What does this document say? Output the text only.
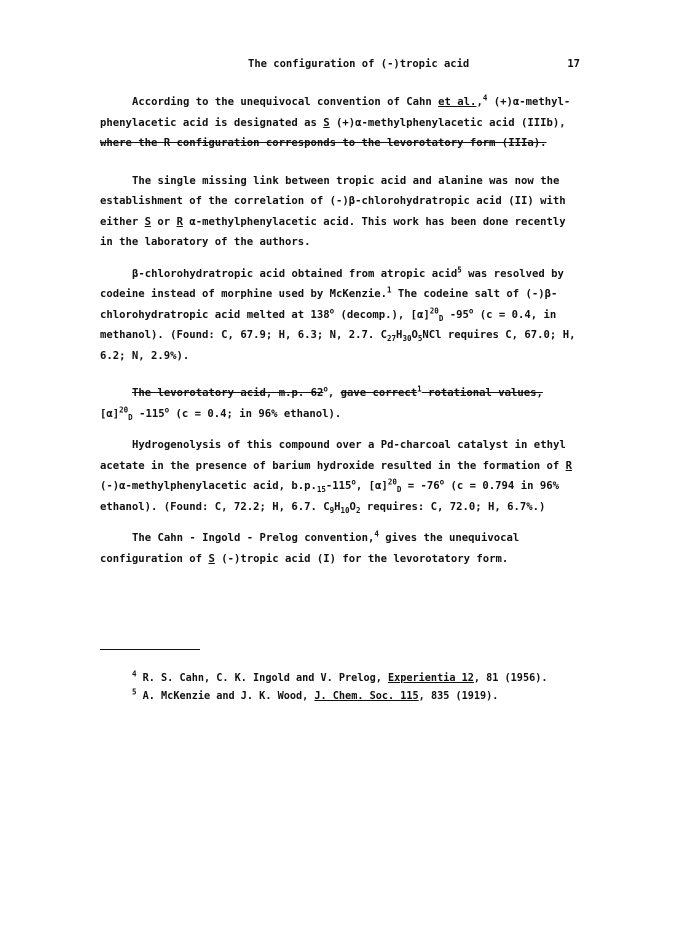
The configuration of (-)tropic acid	17

According to the unequivocal convention of Cahn et al.,$^4$ (+)α-methyl-phenylacetic acid is designated as S (+)α-methylphenylacetic acid (IIIb), where the R configuration corresponds to the levorotatory form (IIIa).

The single missing link between tropic acid and alanine was now the establishment of the correlation of (-)β-chlorohydratropic acid (II) with either S or R α-methylphenylacetic acid. This work has been done recently in the laboratory of the authors.

β-chlorohydratropic acid obtained from atropic acid$^5$ was resolved by codeine instead of morphine used by McKenzie.$^1$ The codeine salt of (-)β-chlorohydratropic acid melted at 138$^o$ (decomp.), $[\alpha]^{20}_D$ -95$^o$ (c = 0.4, in methanol). (Found: C, 67.9; H, 6.3; N, 2.7. $C_{27}H_{30}O_5NCl$ requires C, 67.0; H, 6.2; N, 2.9%).

The levorotatory acid, m.p. 62$^o$, gave correct$^1$ rotational values, $[\alpha]^{20}_D$ -115$^o$ (c = 0.4; in 96% ethanol).

Hydrogenolysis of this compound over a Pd-charcoal catalyst in ethyl acetate in the presence of barium hydroxide resulted in the formation of R (-)α-methylphenylacetic acid, $b.p._{15}-115^o$, $[\alpha]^{20}_D = -76^o$ (c = 0.794 in 96% ethanol). (Found: C, 72.2; H, 6.7. $C_9H_{10}O_2$ requires: C, 72.0; H, 6.7%.)

The Cahn - Ingold - Prelog convention,$^4$ gives the unequivocal configuration of S (-)tropic acid (I) for the levorotatory form.

$^4$ R. S. Cahn, C. K. Ingold and V. Prelog, Experientia 12, 81 (1956).

$^5$ A. McKenzie and J. K. Wood, J. Chem. Soc. 115, 835 (1919).
